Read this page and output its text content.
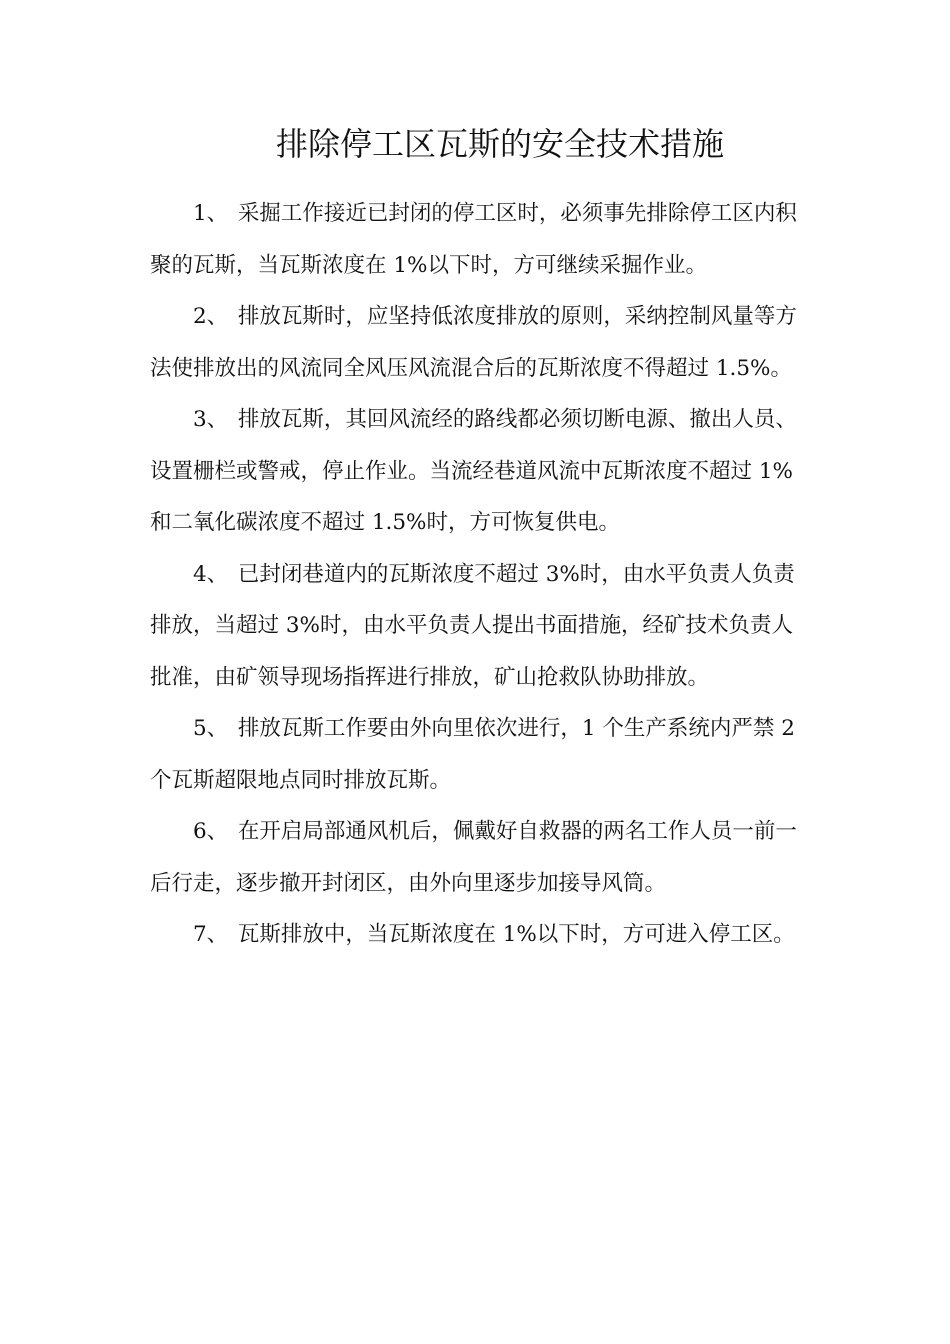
排除停工区瓦斯的安全技术措施

1、 采掘工作接近已封闭的停工区时，必须事先排除停工区内积聚的瓦斯，当瓦斯浓度在 1%以下时，方可继续采掘作业。

2、 排放瓦斯时，应坚持低浓度排放的原则，采纳控制风量等方法使排放出的风流同全风压风流混合后的瓦斯浓度不得超过 1.5%。

3、 排放瓦斯，其回风流经的路线都必须切断电源、撤出人员、设置栅栏或警戒，停止作业。当流经巷道风流中瓦斯浓度不超过 1%和二氧化碳浓度不超过 1.5%时，方可恢复供电。

4、 已封闭巷道内的瓦斯浓度不超过 3%时，由水平负责人负责排放，当超过 3%时，由水平负责人提出书面措施，经矿技术负责人批准，由矿领导现场指挥进行排放，矿山抢救队协助排放。

5、 排放瓦斯工作要由外向里依次进行，1 个生产系统内严禁 2 个瓦斯超限地点同时排放瓦斯。

6、 在开启局部通风机后，佩戴好自救器的两名工作人员一前一后行走，逐步撤开封闭区，由外向里逐步加接导风筒。

7、 瓦斯排放中，当瓦斯浓度在 1%以下时，方可进入停工区。
